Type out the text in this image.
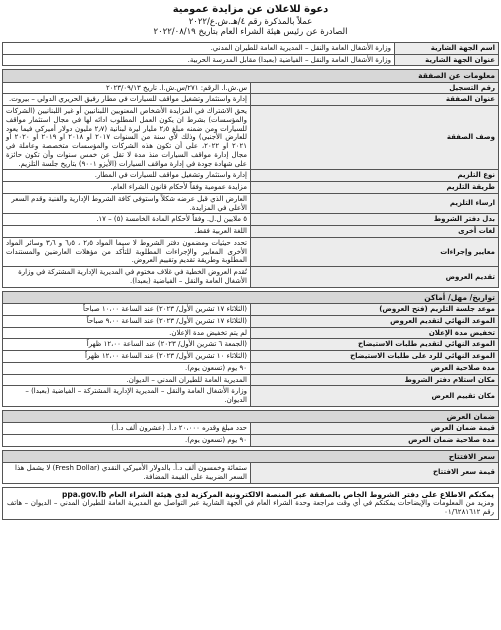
دعوة للاعلان عن مزايدة عمومية
عملاً بالمذكرة رقم ٤/هـ.ش.ع/٢٠٢٢
الصادرة عن رئيس هيئة الشراء العام بتاريخ ٢٠٢٢/٠٨/١٩
اسم الجهة الشارية	وزارة الأشغال العامة والنقل – المديرية العامة للطيران المدني.
عنوان الجهة الشارية	وزارة الأشغال العامة والنقل – الفياضية (بعبدا) مقابل المدرسة الحربية.
معلومات عن الصفقة	
رقم التسجيل	س.ش.ا. الرقم: ٢٧١/س.ش.ا. تاريخ ٢٠٢٣/٠٩/١٣
عنوان الصفقة	إدارة واستثمار وتشغيل مواقف للسيارات في مطار رفيق الحريري الدولي – بيروت.
وصف الصفقة	يحق الاشتراك في المزايدة الأشخاص المعنويين اللبنانيين أو غير اللبنانيين (الشركات والمؤسسات) بشرط ان يكون العمل المطلوب ادائه لها في مجال استثمار مواقف للسيارات ومن ضمنه مبلغ ٢٫٥ مليار ليرة لبنانية (٢٫٧ مليون دولار أميركي فيما يعود للعارض الأجنبي) وذلك لأي سنة من السنوات ٢٠١٧ او ٢٠١٨ او ٢٠١٩ او ٢٠٢٠ او ٢٠٢١ او ٢٠٢٢، على أن تكون هذه الشركات والمؤسسات متخصصة وعاملة في مجال إدارة مواقف السيارات منذ مدة لا تقل عن خمس سنوات وأن تكون حائزة على شهادة جودة في إدارة مواقف السيارات (الأيزو ٩٠٠١) بتاريخ جلسة التلزيم.
نوع التلزيم	إدارة واستثمار وتشغيل مواقف للسيارات في المطار.
طريقة التلزيم	مزايدة عمومية وفقاً لأحكام قانون الشراء العام.
ارساء التلزيم	العارض الذي قبل عرضه شكلاً واستوفى كافة الشروط الإدارية والفنية وقدم السعر الأعلى في المزايدة.
بدل دفتر الشروط	٥ ملايين ل.ل. وفقاً لأحكام المادة الخامسة (٥) – ١٧.
لغات أخرى	اللغة العربية فقط.
معايير وإجراءات	تحدد حيثيات ومضمون دفتر الشروط لا سيما المواد ٢٫٥ ، ٦٫٥ و ٣٫٦ وسائر المواد الأخرى المعايير والإجراءات المطلوبة للتأكد من مؤهلات العارضين والمستندات المطلوبة وطريقة تقديم وتقييم العروض.
تقديم العروض	تُقدم العروض الخطية في غلاف مختوم في المديرية الإدارية المشتركة في وزارة الأشغال العامة والنقل – الفياضية (بعبدا).
تواريخ/ مهل/ أماكن	
موعد جلسة التلزيم (فتح العروض)	(الثلاثاء ١٧ تشرين الأول/ ٢٠٢٣) عند الساعة ١٠،٠٠ صباحاً
الموعد النهائي لتقديم العروض	(الثلاثاء ١٧ تشرين الأول/ ٢٠٢٣) عند الساعة ٩،٠٠ صباحاً
تخفيض مدة الإعلان	لم يتم تخفيض مدة الإعلان.
الموعد النهائي لتقديم طلبات الاستيضاح	(الجمعة ٦ تشرين الأول/ ٢٠٢٣) عند الساعة ١٢،٠٠ ظهراً
الموعد النهائي للرد على طلبات الاستيضاح	(الثلاثاء ١٠ تشرين الأول/ ٢٠٢٣) عند الساعة ١٢،٠٠ ظهراً
مدة صلاحية العرض	٩٠ يوم (تسعون يوم).
مكان استلام دفتر الشروط	المديرية العامة للطيران المدني – الديوان.
مكان تقييم العرض	وزارة الأشغال العامة والنقل – المديرية الإدارية المشتركة – الفياضية (بعبدا) – الديوان.
ضمان العرض	
قيمة ضمان العرض	حدد مبلغ وقدره ٢٠،٠٠٠ د.أ. (عشرون ألف د.أ.)
مدة صلاحية ضمان العرض	٩٠ يوم (تسعون يوم).
سعر الافتتاح
قيمة سعر الافتتاح	ستمائة وخمسون ألف د.أ. بالدولار الأميركي النقدي (Fresh Dollar) لا يشمل هذا السعر الضريبة على القيمة المضافة.
يمكنكم الاطلاع على دفتر الشروط الخاص بالصفقة عبر المنصة الالكترونية المركزية لدى هيئة الشراء العام ppa.gov.lb
ومزيد من المعلومات والإيضاحات يمكنكم في أي وقت مراجعة وحدة الشراء العام في الجهة الشارية عبر التواصل مع المديرية العامة للطيران المدني – الديوان – هاتف رقم ٠١/٦٢٨١٦١٢
